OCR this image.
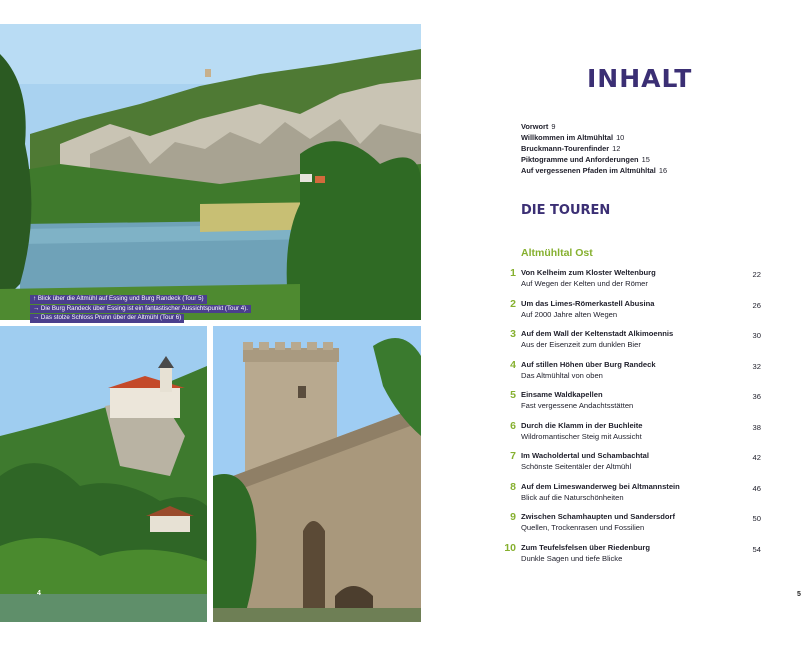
↑ Blick über die Altmühl auf Essing und Burg Randeck (Tour 5)
→ Die Burg Randeck über Essing ist ein fantastischer Aussichtspunkt (Tour 4).
→ Das stolze Schloss Prunn über der Altmühl (Tour 6)
4
INHALT
Vorwort 9
Willkommen im Altmühltal 10
Bruckmann-Tourenfinder 12
Piktogramme und Anforderungen 15
Auf vergessenen Pfaden im Altmühltal 16
DIE TOUREN
Altmühltal Ost
1 Von Kelheim zum Kloster Weltenburg
Auf Wegen der Kelten und der Römer
22
2 Um das Limes-Römerkastell Abusina
Auf 2000 Jahre alten Wegen
26
3 Auf dem Wall der Keltenstadt Alkimoennis
Aus der Eisenzeit zum dunklen Bier
30
4 Auf stillen Höhen über Burg Randeck
Das Altmühltal von oben
32
5 Einsame Waldkapellen
Fast vergessene Andachtsstätten
36
6 Durch die Klamm in der Buchleite
Wildromantischer Steig mit Aussicht
38
7 Im Wacholdertal und Schambachtal
Schönste Seitentäler der Altmühl
42
8 Auf dem Limeswanderweg bei Altmannstein
Blick auf die Naturschönheiten
46
9 Zwischen Schamhaupten und Sandersdorf
Quellen, Trockenrasen und Fossilien
50
10 Zum Teufelsfelsen über Riedenburg
Dunkle Sagen und tiefe Blicke
54
5
